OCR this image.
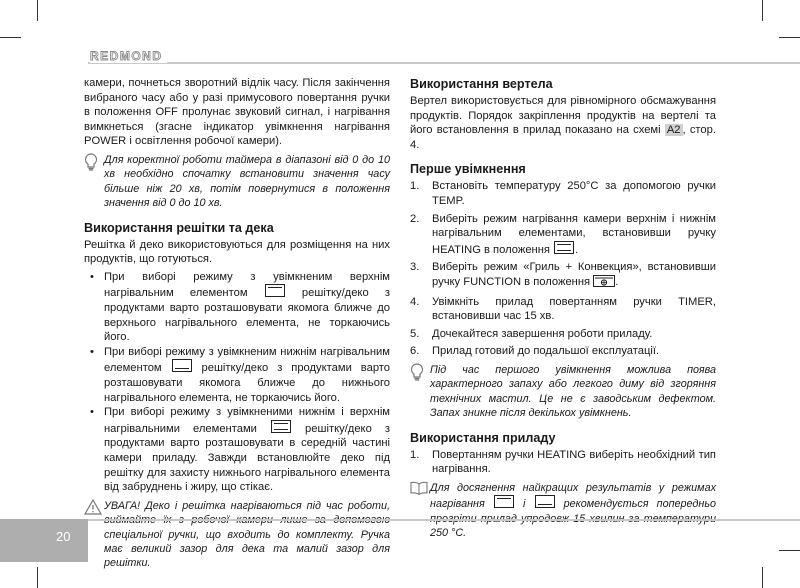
REDMOND

камери, почнеться зворотний відлік часу. Після закінчення вибраного часу або у разі примусового повертання ручки в положення OFF пролунає звуковий сигнал, і нагрівання вимкнеться (згасне індикатор увімкнення нагрівання POWER і освітлення робочої камери).

Для коректної роботи таймера в діапазоні від 0 до 10 хв необхідно спочатку встановити значення часу більше ніж 20 хв, потім повернутися в положення значення від 0 до 10 хв.
Використання решітки та дека

Решітка й деко використовуються для розміщення на них продуктів, що готуються.

• При виборі режиму з увімкненим верхнім нагрівальним елементом	решітку/деко з продуктами варто розташовувати якомога ближче до верхнього нагрівального елемента, не торкаючись його.
• При виборі режиму з увімкненим нижнім нагрівальним елементом	решітку/деко з продуктами варто розташовувати якомога ближче до нижнього нагрівального елемента, не торкаючись його.
• При виборі режиму з увімкненими нижнім і верхнім нагрівальними елементами	решітку/деко з продуктами варто розташовувати в середній частині камери приладу. Завжди встановлюйте деко під решітку для захисту нижнього нагрівального елемента від забруднень і жиру, що стікає.
УВАГА! Деко і решітка нагріваються під час роботи, спеціальної ручки, що входить до комплекту. Ручка має великий зазор для дека та малий зазор для решітки.
Використання вертела

Вертел використовується для рівномірного обсмажування продуктів. Порядок закріплення продуктів на вертелі та його встановлення в прилад показано на схемі A2 , стор. 4.

Перше увімкнення
1.	Встановіть температуру 250°С за допомогою ручки TEMP.
2.	Виберіть режим нагрівання камери верхнім і нижнім нагрівальним елементами, встановивши ручку HEATING в положення .
3.	Виберіть режим «Гриль + Конвекция», встановивши ручку FUNCTION в положення .
4.	Увімкніть прилад повертанням ручки TIMER, встановивши час 15 хв.
5.	Дочекайтеся завершення роботи приладу.
6.	Прилад готовий до подальшої експлуатації.
Під час першого увімкнення можлива поява характерного запаху або легкого диму від згоряння технічних мастил. Це не є заводським дефектом. Запах зникне після декількох увімкнень.
Використання приладу
1.	Повертанням ручки HEATING виберіть необхідний тип нагрівання.
Для досягнення найкращих результатів у режимах нагрівання	і	рекомендується попередньо 250 °С.
20
